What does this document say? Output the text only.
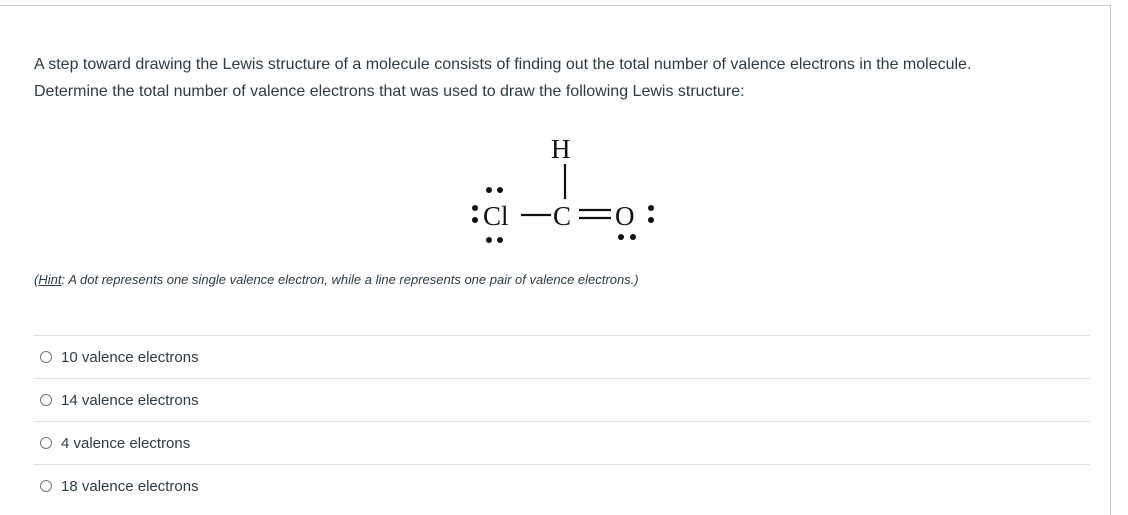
A step toward drawing the Lewis structure of a molecule consists of finding out the total number of valence electrons in the molecule.
Determine the total number of valence electrons that was used to draw the following Lewis structure:
H
Cl C O
(Hint: A dot represents one single valence electron, while a line represents one pair of valence electrons.)
10 valence electrons
14 valence electrons
4 valence electrons
18 valence electrons
